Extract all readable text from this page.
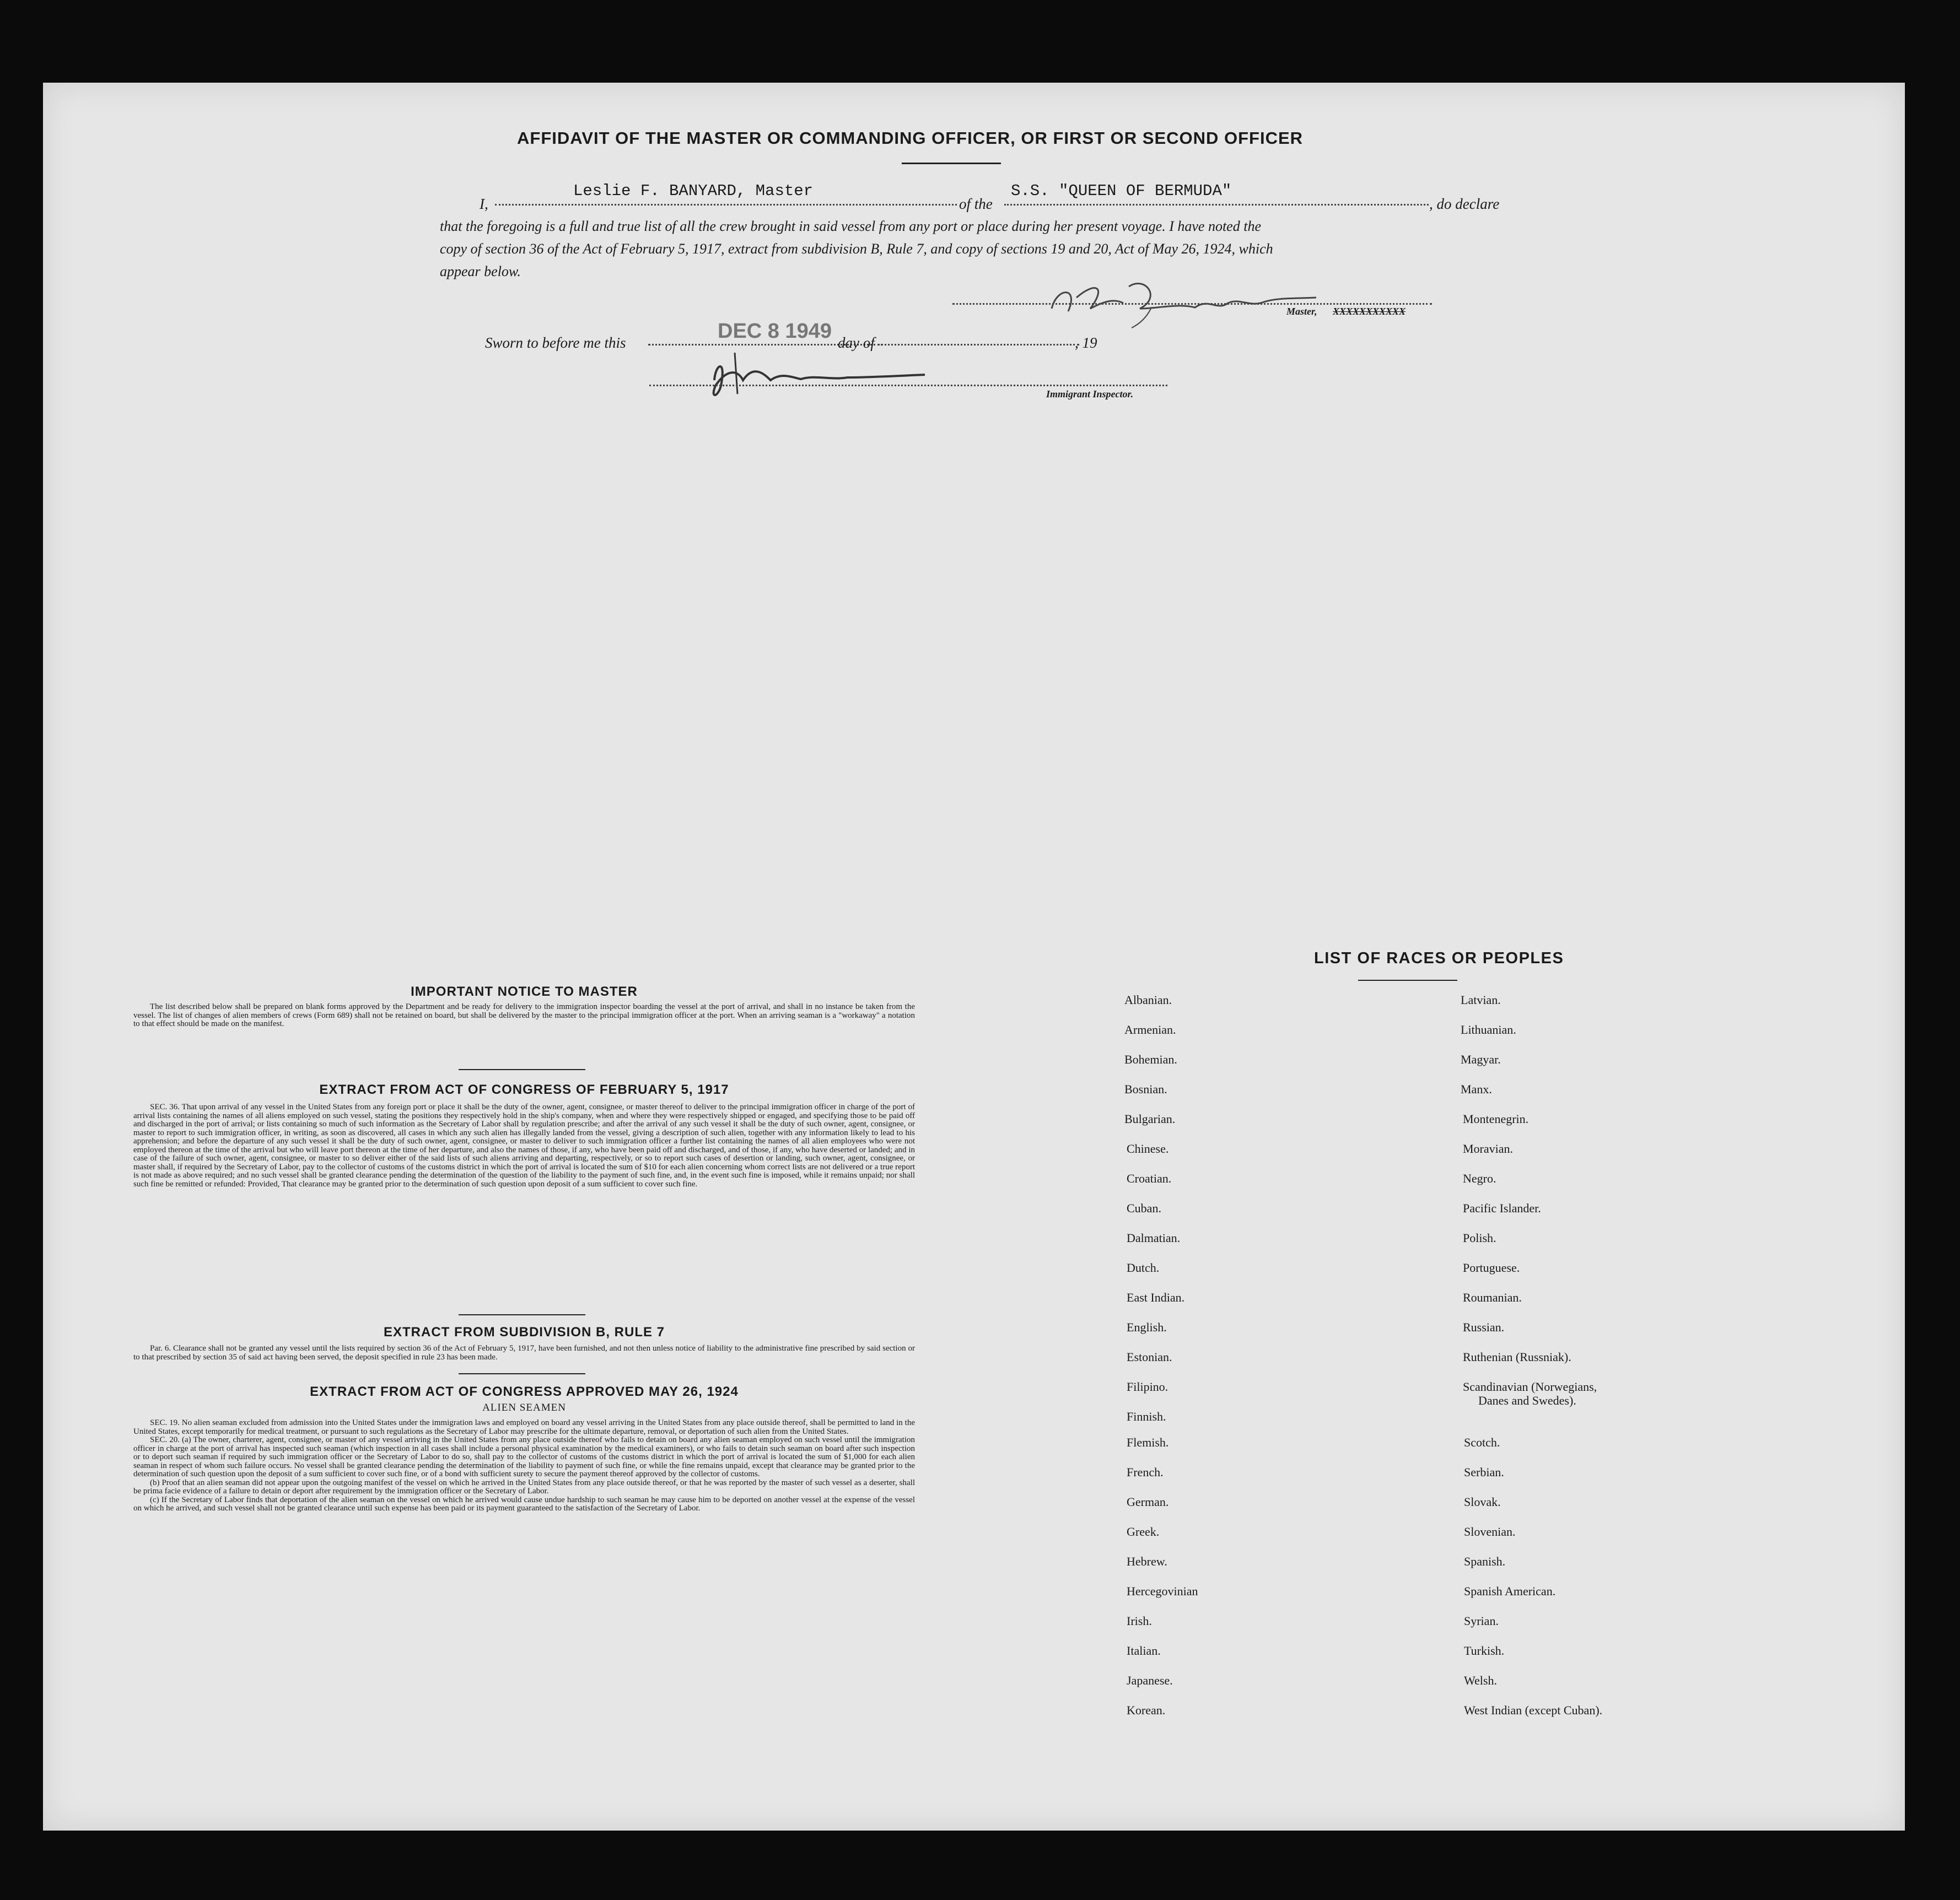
AFFIDAVIT OF THE MASTER OR COMMANDING OFFICER, OR FIRST OR SECOND OFFICER
I,
Leslie F. BANYARD, Master
of the
S.S. "QUEEN OF BERMUDA"
, do declare
that the foregoing is a full and true list of all the crew brought in said vessel from any port or place during her present voyage. I have noted the
copy of section 36 of the Act of February 5, 1917, extract from subdivision B, Rule 7, and copy of sections 19 and 20, Act of May 26, 1924, which
appear below.
Master, XXXXXXXXXXX
Sworn to before me this	DEC 8 1949 day of	, 19
Immigrant Inspector.
IMPORTANT NOTICE TO MASTER

The list described below shall be prepared on blank forms approved by the Department and be ready for delivery to the immigration inspector boarding the vessel at the port of arrival, and shall in no instance be taken from the vessel. The list of changes of alien members of crews (Form 689) shall not be retained on board, but shall be delivered by the master to the principal immigration officer at the port. When an arriving seaman is a "workaway" a notation to that effect should be made on the manifest.

EXTRACT FROM ACT OF CONGRESS OF FEBRUARY 5, 1917

SEC. 36. That upon arrival of any vessel in the United States from any foreign port or place it shall be the duty of the owner, agent, consignee, or master thereof to deliver to the principal immigration officer in charge of the port of arrival lists containing the names of all aliens employed on such vessel, stating the positions they respectively hold in the ship's company, when and where they were respectively shipped or engaged, and specifying those to be paid off and discharged in the port of arrival; or lists containing so much of such information as the Secretary of Labor shall by regulation prescribe; and after the arrival of any such vessel it shall be the duty of such owner, agent, consignee, or master to report to such immigration officer, in writing, as soon as discovered, all cases in which any such alien has illegally landed from the vessel, giving a description of such alien, together with any information likely to lead to his apprehension; and before the departure of any such vessel it shall be the duty of such owner, agent, consignee, or master to deliver to such immigration officer a further list containing the names of all alien employees who were not employed thereon at the time of the arrival but who will leave port thereon at the time of her departure, and also the names of those, if any, who have been paid off and discharged, and of those, if any, who have deserted or landed; and in case of the failure of such owner, agent, consignee, or master to so deliver either of the said lists of such aliens arriving and departing, respectively, or so to report such cases of desertion or landing, such owner, agent, consignee, or master shall, if required by the Secretary of Labor, pay to the collector of customs of the customs district in which the port of arrival is located the sum of $10 for each alien concerning whom correct lists are not delivered or a true report is not made as above required; and no such vessel shall be granted clearance pending the determination of the question of the liability to the payment of such fine, and, in the event such fine is imposed, while it remains unpaid; nor shall such fine be remitted or refunded: Provided, That clearance may be granted prior to the determination of such question upon deposit of a sum sufficient to cover such fine.

EXTRACT FROM SUBDIVISION B, RULE 7

Par. 6. Clearance shall not be granted any vessel until the lists required by section 36 of the Act of February 5, 1917, have been furnished, and not then unless notice of liability to the administrative fine prescribed by said section or to that prescribed by section 35 of said act having been served, the deposit specified in rule 23 has been made.

EXTRACT FROM ACT OF CONGRESS APPROVED MAY 26, 1924
ALIEN SEAMEN

SEC. 19. No alien seaman excluded from admission into the United States under the immigration laws and employed on board any vessel arriving in the United States from any place outside thereof, shall be permitted to land in the United States, except temporarily for medical treatment, or pursuant to such regulations as the Secretary of Labor may prescribe for the ultimate departure, removal, or deportation of such alien from the United States.

SEC. 20. (a) The owner, charterer, agent, consignee, or master of any vessel arriving in the United States from any place outside thereof who fails to detain on board any alien seaman employed on such vessel until the immigration officer in charge at the port of arrival has inspected such seaman (which inspection in all cases shall include a personal physical examination by the medical examiners), or who fails to detain such seaman on board after such inspection or to deport such seaman if required by such immigration officer or the Secretary of Labor to do so, shall pay to the collector of customs of the customs district in which the port of arrival is located the sum of $1,000 for each alien seaman in respect of whom such failure occurs. No vessel shall be granted clearance pending the determination of the liability to payment of such fine, or while the fine remains unpaid, except that clearance may be granted prior to the determination of such question upon the deposit of a sum sufficient to cover such fine, or of a bond with sufficient surety to secure the payment thereof approved by the collector of customs.

(b) Proof that an alien seaman did not appear upon the outgoing manifest of the vessel on which he arrived in the United States from any place outside thereof, or that he was reported by the master of such vessel as a deserter, shall be prima facie evidence of a failure to detain or deport after requirement by the immigration officer or the Secretary of Labor.

(c) If the Secretary of Labor finds that deportation of the alien seaman on the vessel on which he arrived would cause undue hardship to such seaman he may cause him to be deported on another vessel at the expense of the vessel on which he arrived, and such vessel shall not be granted clearance until such expense has been paid or its payment guaranteed to the satisfaction of the Secretary of Labor.

LIST OF RACES OR PEOPLES
Albanian.
Armenian.
Bohemian.
Bosnian.
Bulgarian.
Chinese.
Croatian.
Cuban.
Dalmatian.
Dutch.
East Indian.
English.
Estonian.
Filipino.
Finnish.
Flemish.
French.
German.
Greek.
Hebrew.
Hercegovinian
Irish.
Italian.
Japanese.
Korean.
Latvian.
Lithuanian.
Magyar.
Manx.
Montenegrin.
Moravian.
Negro.
Pacific Islander.
Polish.
Portuguese.
Roumanian.
Russian.
Ruthenian (Russniak).
Scandinavian (Norwegians,
Danes and Swedes).
Scotch.
Serbian.
Slovak.
Slovenian.
Spanish.
Spanish American.
Syrian.
Turkish.
Welsh.
West Indian (except Cuban).
